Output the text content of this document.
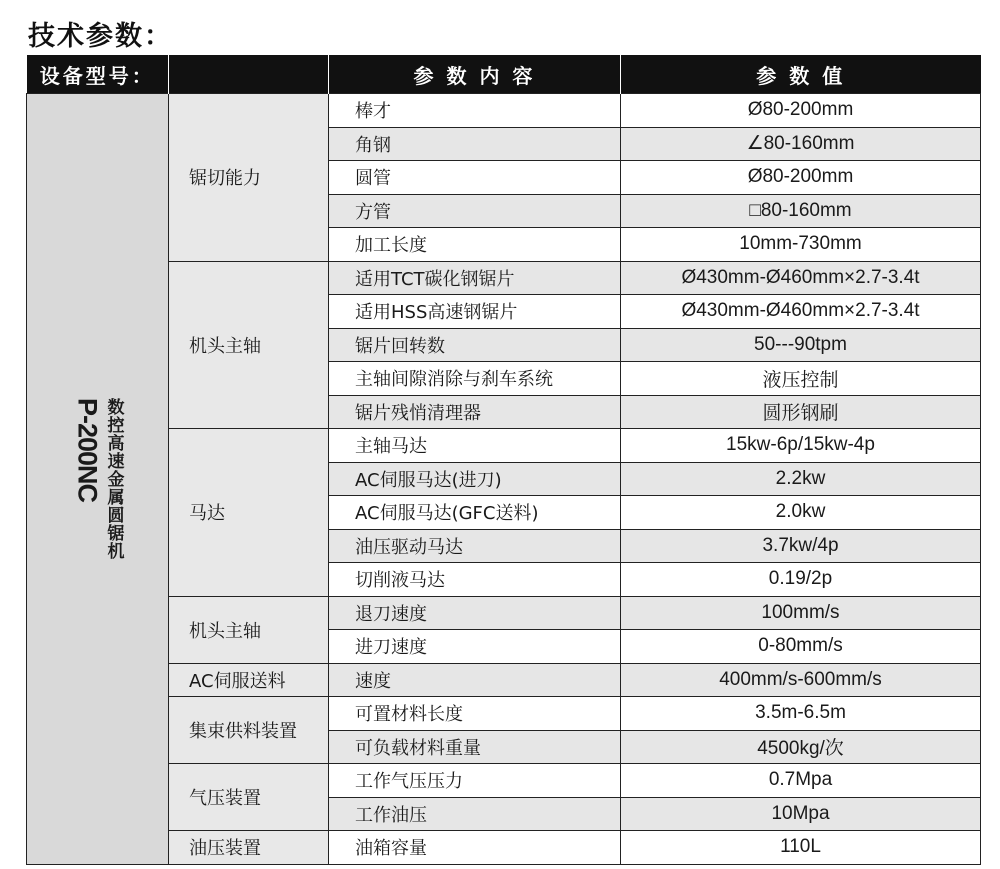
技术参数：
设备型号：		参 数 内 容	参 数 值

P-200NC 数控高速金属圆锯机	锯切能力	棒才	Ø80-200mm
		角钢	∠80-160mm
		圆管	Ø80-200mm
		方管	□80-160mm
		加工长度	10mm-730mm
	机头主轴	适用TCT碳化钢锯片	Ø430mm-Ø460mm×2.7-3.4t
		适用HSS高速钢锯片	Ø430mm-Ø460mm×2.7-3.4t
		锯片回转数	50---90tpm
		主轴间隙消除与刹车系统	液压控制
		锯片残悄清理器	圆形钢刷
	马达	主轴马达	15kw-6p/15kw-4p
		AC伺服马达(进刀)	2.2kw
		AC伺服马达(GFC送料)	2.0kw
		油压驱动马达	3.7kw/4p
		切削液马达	0.19/2p
	机头主轴	退刀速度	100mm/s
		进刀速度	0-80mm/s
	AC伺服送料	速度	400mm/s-600mm/s
	集束供料装置	可置材料长度	3.5m-6.5m
		可负载材料重量	4500kg/次
	气压装置	工作气压压力	0.7Mpa
		工作油压	10Mpa
	油压装置	油箱容量	110L
